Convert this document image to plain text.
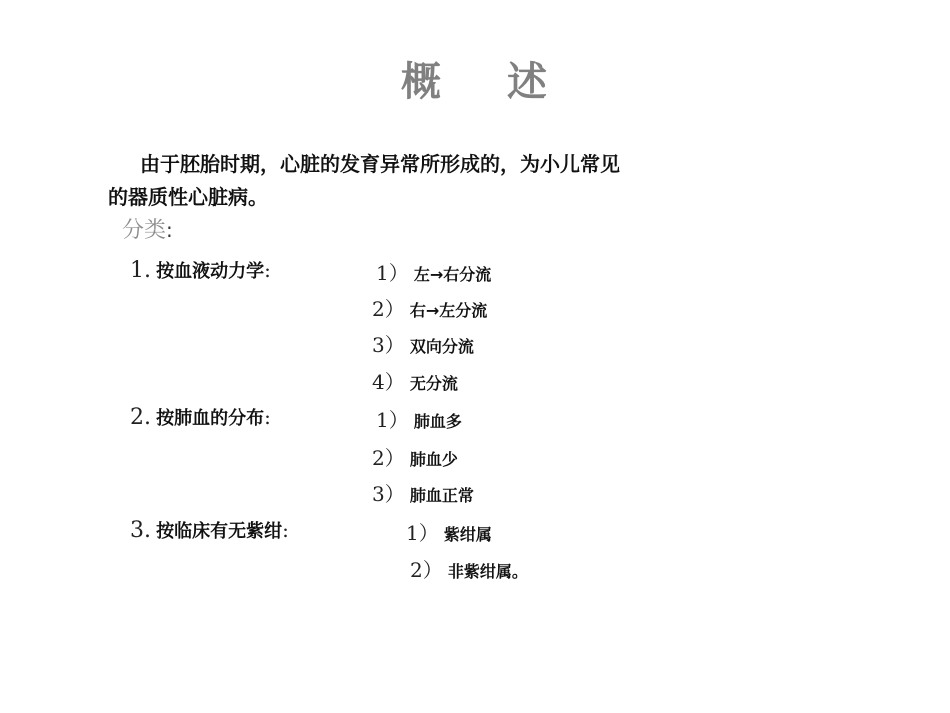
概 述
由于胚胎时期，心脏的发育异常所形成的，为小儿常见
的器质性心脏病。
分类:
1. 按血液动力学:	1） 左→右分流
2） 右→左分流
3） 双向分流
4） 无分流
2. 按肺血的分布:	1） 肺血多
2） 肺血少
3） 肺血正常
3. 按临床有无紫绀:	1） 紫绀属
2） 非紫绀属。
